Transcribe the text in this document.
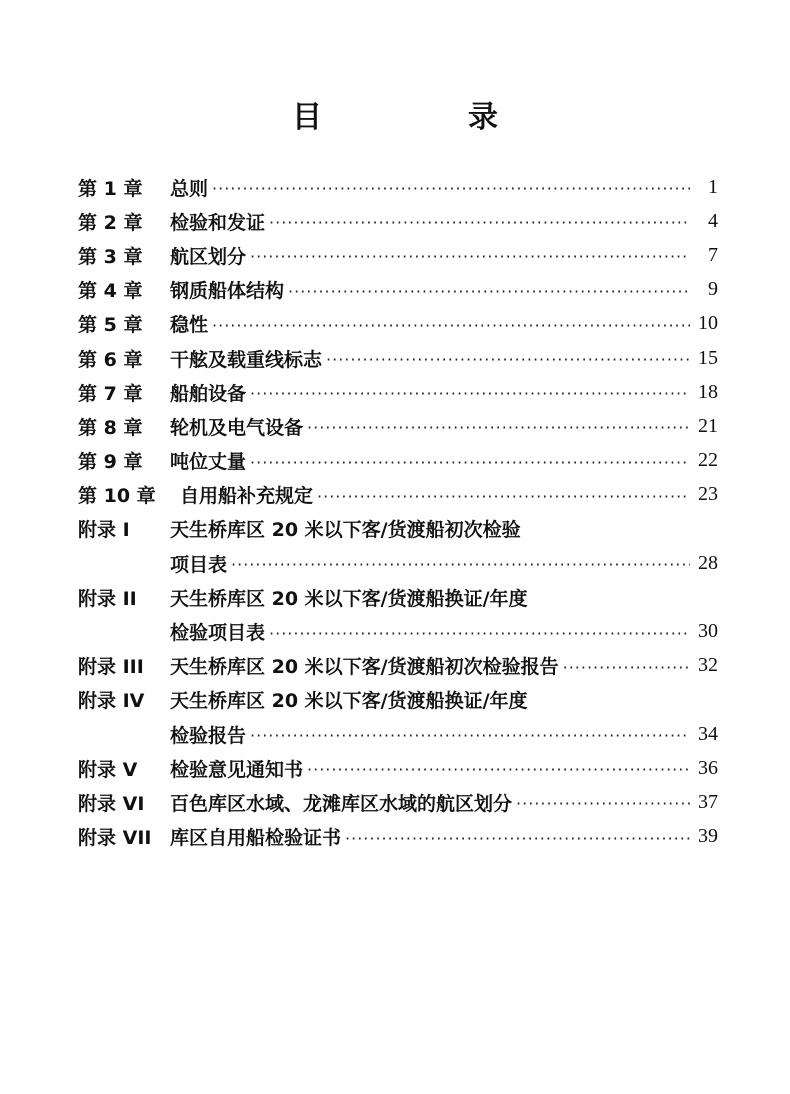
目　录
第 1 章	总则 ·····	1
第 2 章	检验和发证 ·····	4
第 3 章	航区划分 ·····	7
第 4 章	钢质船体结构 ·····	9
第 5 章	稳性 ·····	10
第 6 章	干舷及载重线标志 ·····	15
第 7 章	船舶设备 ·····	18
第 8 章	轮机及电气设备 ·····	21
第 9 章	吨位丈量 ·····	22
第 10 章	自用船补充规定 ·····	23
附录 I	天生桥库区 20 米以下客/货渡船初次检验
项目表 ·····	28
附录 II	天生桥库区 20 米以下客/货渡船换证/年度
检验项目表 ·····	30
附录 III	天生桥库区 20 米以下客/货渡船初次检验报告 ·····	32
附录 IV	天生桥库区 20 米以下客/货渡船换证/年度
检验报告 ·····	34
附录 V	检验意见通知书 ·····	36
附录 VI	百色库区水域、龙滩库区水域的航区划分 ·····	37
附录 VII 库区自用船检验证书 ·····	39
